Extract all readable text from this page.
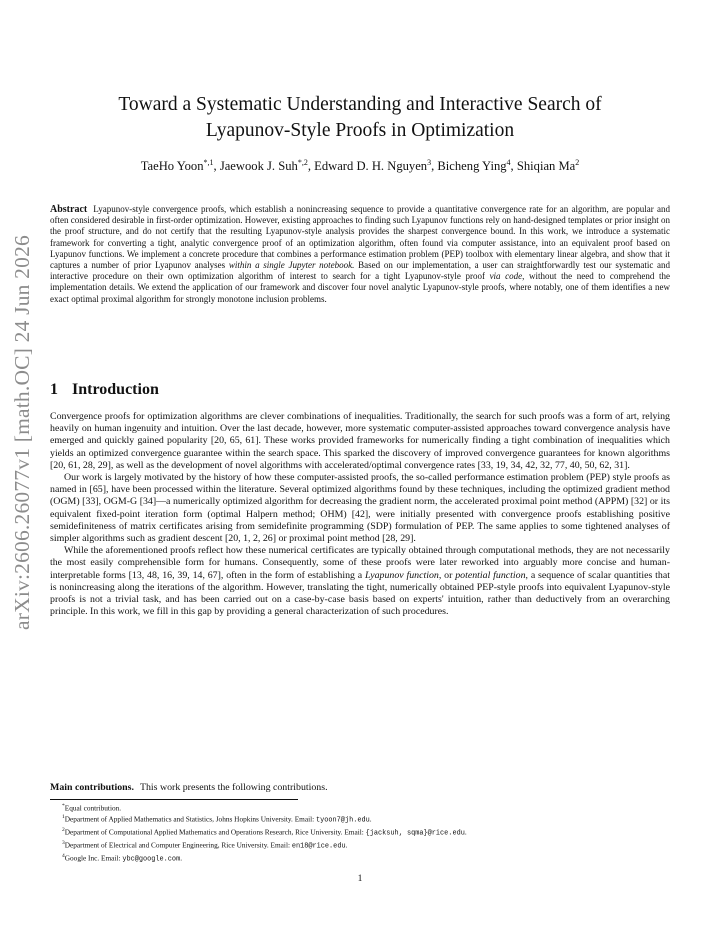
arXiv:2606.26077v1 [math.OC] 24 Jun 2026
Toward a Systematic Understanding and Interactive Search of
Lyapunov-Style Proofs in Optimization
TaeHo Yoon$^{*,1}$, Jaewook J. Suh$^{*,2}$, Edward D. H. Nguyen$^3$, Bicheng Ying$^4$, Shiqian Ma$^2$
Abstract Lyapunov-style convergence proofs, which establish a nonincreasing sequence to provide a quantitative convergence rate for an algorithm, are popular and often considered desirable in first-order optimization. However, existing approaches to finding such Lyapunov functions rely on hand-designed templates or prior insight on the proof structure, and do not certify that the resulting Lyapunov-style analysis provides the sharpest convergence bound. In this work, we introduce a systematic framework for converting a tight, analytic convergence proof of an optimization algorithm, often found via computer assistance, into an equivalent proof based on Lyapunov functions. We implement a concrete procedure that combines a performance estimation problem (PEP) toolbox with elementary linear algebra, and show that it captures a number of prior Lyapunov analyses within a single Jupyter notebook. Based on our implementation, a user can straightforwardly test our systematic and interactive procedure on their own optimization algorithm of interest to search for a tight Lyapunov-style proof via code, without the need to comprehend the implementation details. We extend the application of our framework and discover four novel analytic Lyapunov-style proofs, where notably, one of them identifies a new exact optimal proximal algorithm for strongly monotone inclusion problems.
1 Introduction

Convergence proofs for optimization algorithms are clever combinations of inequalities. Traditionally, the search for such proofs was a form of art, relying heavily on human ingenuity and intuition. Over the last decade, however, more systematic computer-assisted approaches toward convergence analysis have emerged and quickly gained popularity [20, 65, 61]. These works provided frameworks for numerically finding a tight combination of inequalities which yields an optimized convergence guarantee within the search space. This sparked the discovery of improved convergence guarantees for known algorithms [20, 61, 28, 29], as well as the development of novel algorithms with accelerated/optimal convergence rates [33, 19, 34, 42, 32, 77, 40, 50, 62, 31].

Our work is largely motivated by the history of how these computer-assisted proofs, the so-called performance estimation problem (PEP) style proofs as named in [65], have been processed within the literature. Several optimized algorithms found by these techniques, including the optimized gradient method (OGM) [33], OGM-G [34]—a numerically optimized algorithm for decreasing the gradient norm, the accelerated proximal point method (APPM) [32] or its equivalent fixed-point iteration form (optimal Halpern method; OHM) [42], were initially presented with convergence proofs establishing positive semidefiniteness of matrix certificates arising from semidefinite programming (SDP) formulation of PEP. The same applies to some tightened analyses of simpler algorithms such as gradient descent [20, 1, 2, 26] or proximal point method [28, 29].

While the aforementioned proofs reflect how these numerical certificates are typically obtained through computational methods, they are not necessarily the most easily comprehensible form for humans. Consequently, some of these proofs were later reworked into arguably more concise and human-interpretable forms [13, 48, 16, 39, 14, 67], often in the form of establishing a Lyapunov function, or potential function, a sequence of scalar quantities that is nonincreasing along the iterations of the algorithm. However, translating the tight, numerically obtained PEP-style proofs into equivalent Lyapunov-style proofs is not a trivial task, and has been carried out on a case-by-case basis based on experts' intuition, rather than deductively from an overarching principle. In this work, we fill in this gap by providing a general characterization of such procedures.

Main contributions. This work presents the following contributions.
*Equal contribution.
$^1$Department of Applied Mathematics and Statistics, Johns Hopkins University. Email: tyoon7@jh.edu.
$^2$Department of Computational Applied Mathematics and Operations Research, Rice University. Email: {jacksuh, sqma}@rice.edu.
$^3$Department of Electrical and Computer Engineering, Rice University. Email: en18@rice.edu.
$^4$Google Inc. Email: ybc@google.com.
1
